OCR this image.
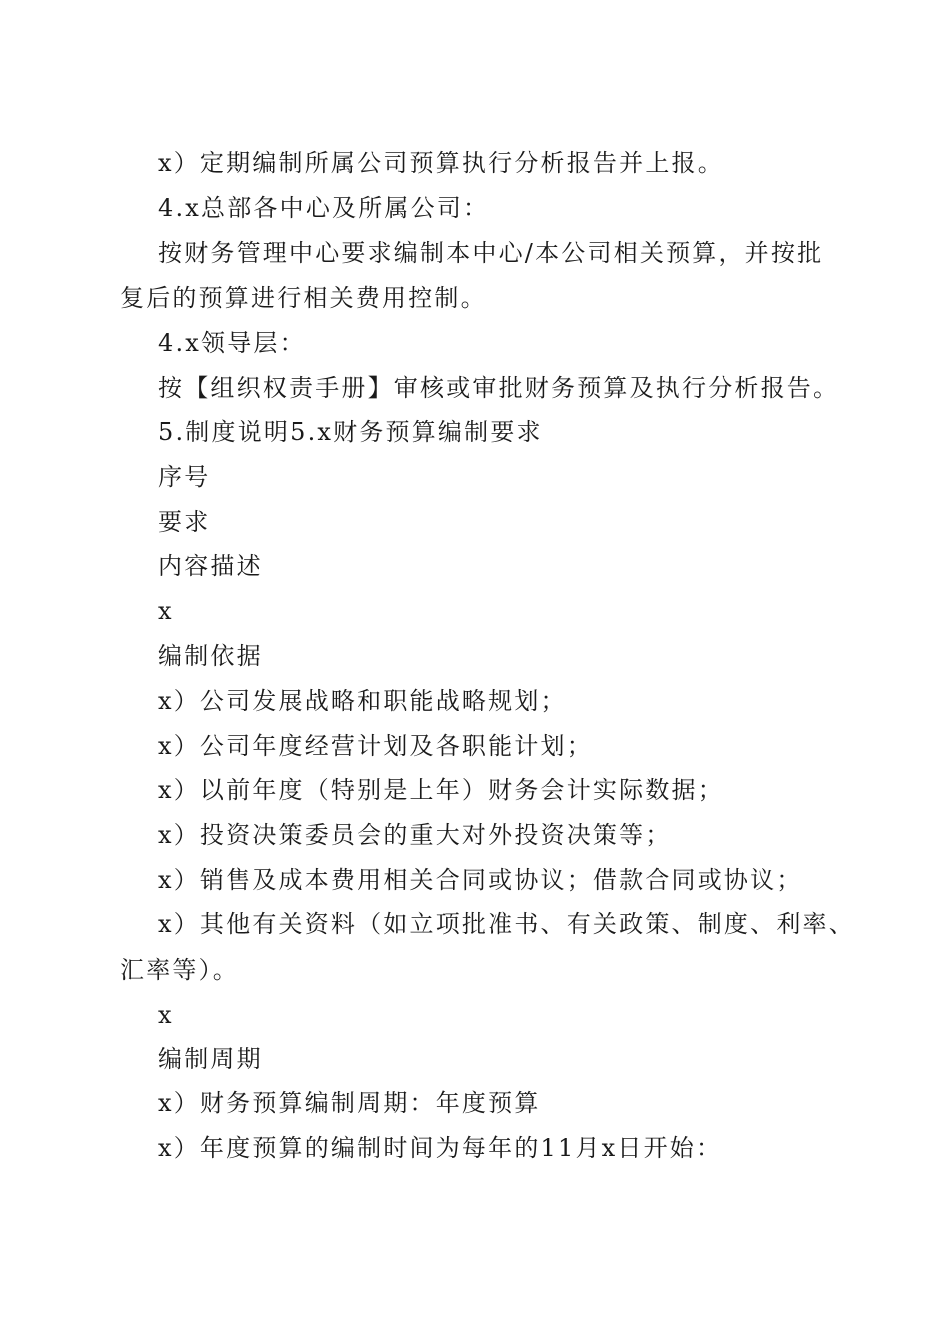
x）定期编制所属公司预算执行分析报告并上报。
4.x总部各中心及所属公司：
按财务管理中心要求编制本中心/本公司相关预算，并按批
复后的预算进行相关费用控制。
4.x领导层：
按【组织权责手册】审核或审批财务预算及执行分析报告。
5.制度说明5.x财务预算编制要求
序号
要求
内容描述
x
编制依据
x）公司发展战略和职能战略规划；
x）公司年度经营计划及各职能计划；
x）以前年度（特别是上年）财务会计实际数据；
x）投资决策委员会的重大对外投资决策等；
x）销售及成本费用相关合同或协议；借款合同或协议；
x）其他有关资料（如立项批准书、有关政策、制度、利率、
汇率等）。
x
编制周期
x）财务预算编制周期：年度预算
x）年度预算的编制时间为每年的11月x日开始：
